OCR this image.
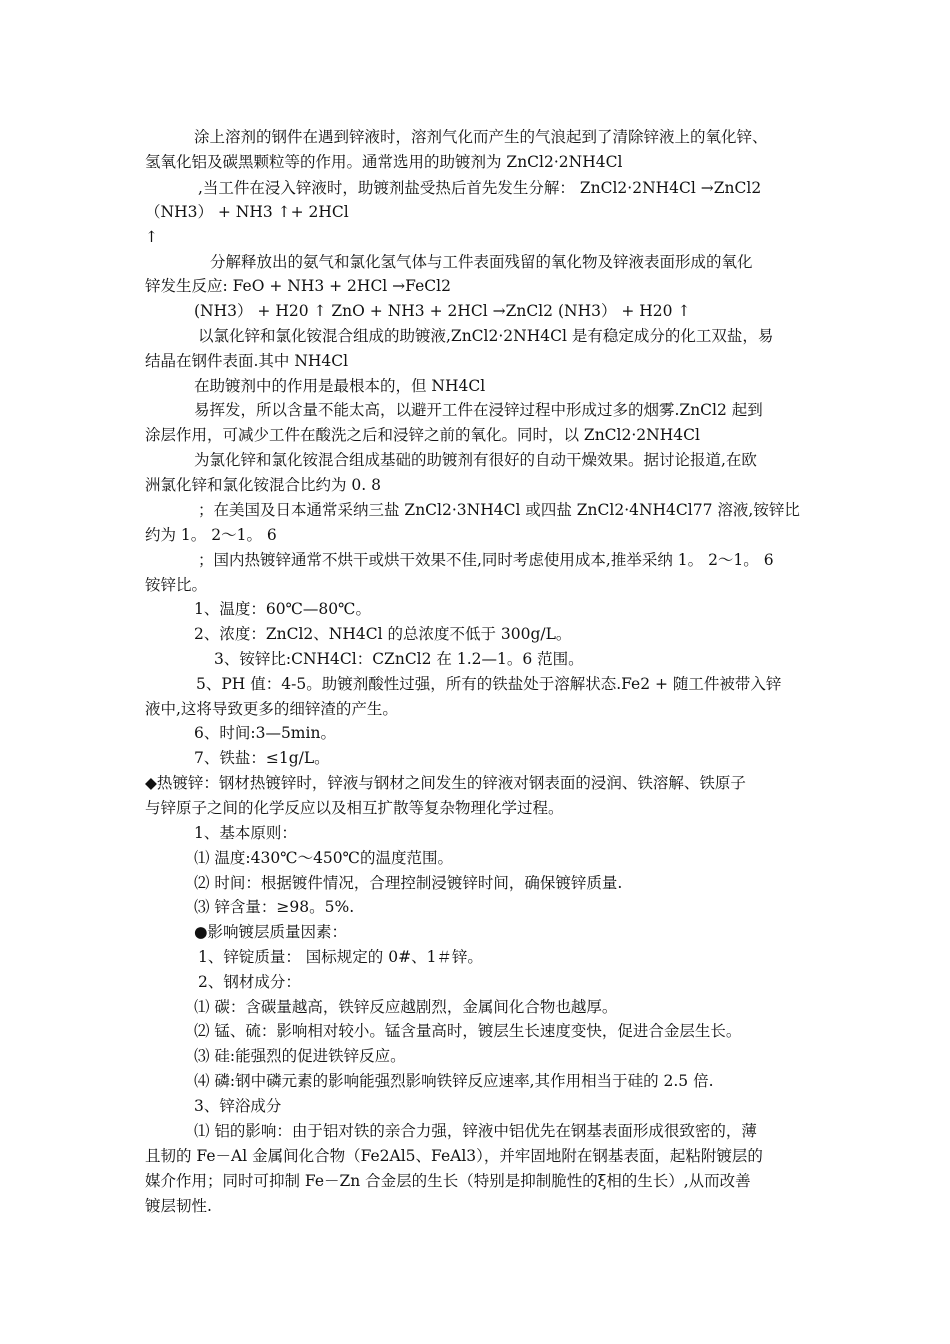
涂上溶剂的钢件在遇到锌液时，溶剂气化而产生的气浪起到了清除锌液上的氧化锌、
氢氧化铝及碳黑颗粒等的作用。通常选用的助镀剂为 ZnCl2·2NH4Cl
,当工件在浸入锌液时，助镀剂盐受热后首先发生分解： ZnCl2·2NH4Cl →ZnCl2
（NH3） + NH3 ↑+ 2HCl
↑
分解释放出的氨气和氯化氢气体与工件表面残留的氧化物及锌液表面形成的氧化
锌发生反应: FeO + NH3 + 2HCl →FeCl2
(NH3） + H20 ↑ ZnO + NH3 + 2HCl →ZnCl2 (NH3） + H20 ↑
以氯化锌和氯化铵混合组成的助镀液,ZnCl2·2NH4Cl 是有稳定成分的化工双盐，易
结晶在钢件表面.其中 NH4Cl
在助镀剂中的作用是最根本的，但 NH4Cl
易挥发，所以含量不能太高，以避开工件在浸锌过程中形成过多的烟雾.ZnCl2 起到
涂层作用，可减少工件在酸洗之后和浸锌之前的氧化。同时，以 ZnCl2·2NH4Cl
为氯化锌和氯化铵混合组成基础的助镀剂有很好的自动干燥效果。据讨论报道,在欧
洲氯化锌和氯化铵混合比约为 0. 8
；在美国及日本通常采纳三盐 ZnCl2·3NH4Cl 或四盐 ZnCl2·4NH4Cl77 溶液,铵锌比
约为 1。 2～1。 6
；国内热镀锌通常不烘干或烘干效果不佳,同时考虑使用成本,推举采纳 1。 2～1。 6
铵锌比。
1、温度：60℃—80℃。
2、浓度：ZnCl2、NH4Cl 的总浓度不低于 300g/L。
3、铵锌比:CNH4Cl：CZnCl2 在 1.2—1。6 范围。
5、PH 值：4-5。助镀剂酸性过强，所有的铁盐处于溶解状态.Fe2 + 随工件被带入锌
液中,这将导致更多的细锌渣的产生。
6、时间:3—5min。
7、铁盐：≤1g/L。
◆热镀锌：钢材热镀锌时，锌液与钢材之间发生的锌液对钢表面的浸润、铁溶解、铁原子
与锌原子之间的化学反应以及相互扩散等复杂物理化学过程。
1、基本原则：
⑴ 温度:430℃～450℃的温度范围。
⑵ 时间：根据镀件情况，合理控制浸镀锌时间，确保镀锌质量.
⑶ 锌含量：≥98。5%.
●影响镀层质量因素：
1、锌锭质量： 国标规定的 0#、1＃锌。
2、钢材成分：
⑴ 碳：含碳量越高，铁锌反应越剧烈，金属间化合物也越厚。
⑵ 锰、硫：影响相对较小。锰含量高时，镀层生长速度变快，促进合金层生长。
⑶ 硅:能强烈的促进铁锌反应。
⑷ 磷:钢中磷元素的影响能强烈影响铁锌反应速率,其作用相当于硅的 2.5 倍.
3、锌浴成分
⑴ 铝的影响：由于铝对铁的亲合力强，锌液中铝优先在钢基表面形成很致密的，薄
且韧的 Fe－Al 金属间化合物（Fe2Al5、FeAl3），并牢固地附在钢基表面，起粘附镀层的
媒介作用；同时可抑制 Fe－Zn 合金层的生长（特别是抑制脆性的ξ相的生长）,从而改善
镀层韧性.
